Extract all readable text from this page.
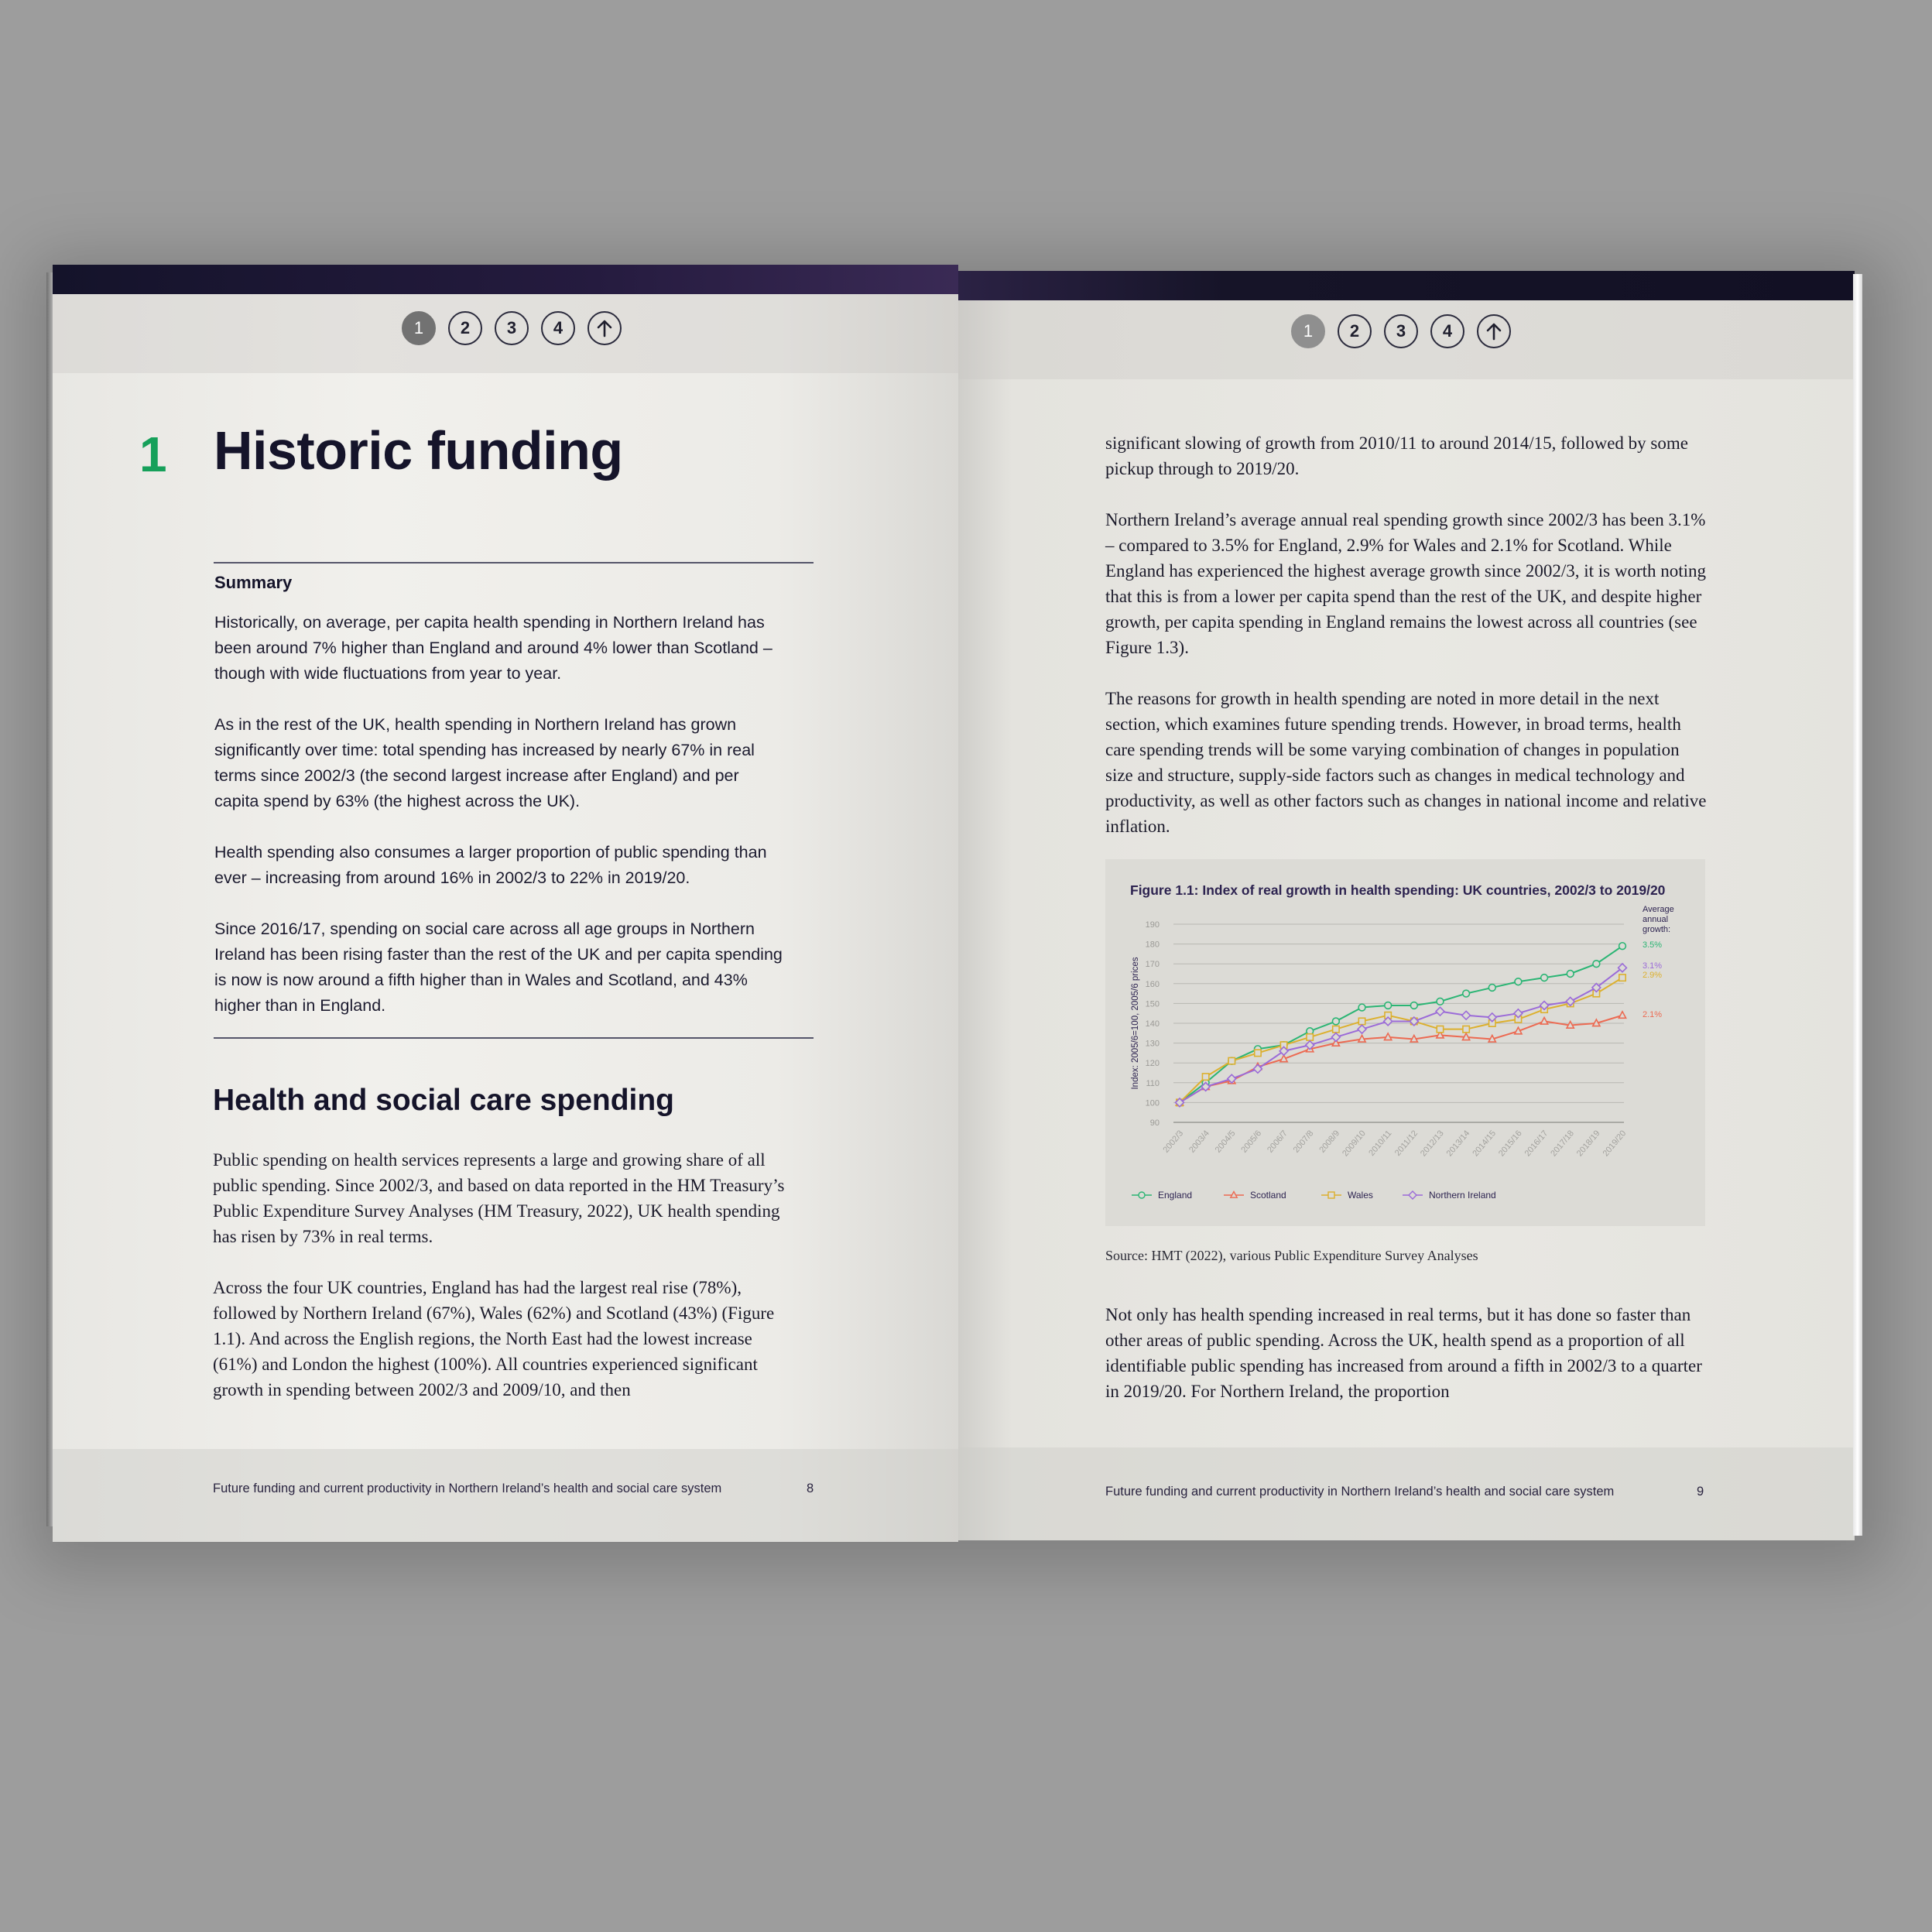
1	2	3	4
1 Historic funding
Summary

Historically, on average, per capita health spending in Northern Ireland has been around 7% higher than England and around 4% lower than Scotland – though with wide fluctuations from year to year.

As in the rest of the UK, health spending in Northern Ireland has grown significantly over time: total spending has increased by nearly 67% in real terms since 2002/3 (the second largest increase after England) and per capita spend by 63% (the highest across the UK).

Health spending also consumes a larger proportion of public spending than ever – increasing from around 16% in 2002/3 to 22% in 2019/20.

Since 2016/17, spending on social care across all age groups in Northern Ireland has been rising faster than the rest of the UK and per capita spending is now is now around a fifth higher than in Wales and Scotland, and 43% higher than in England.

Health and social care spending

Public spending on health services represents a large and growing share of all public spending. Since 2002/3, and based on data reported in the HM Treasury’s Public Expenditure Survey Analyses (HM Treasury, 2022), UK health spending has risen by 73% in real terms.

Across the four UK countries, England has had the largest real rise (78%), followed by Northern Ireland (67%), Wales (62%) and Scotland (43%) (Figure 1.1). And across the English regions, the North East had the lowest increase (61%) and London the highest (100%). All countries experienced significant growth in spending between 2002/3 and 2009/10, and then

Future funding and current productivity in Northern Ireland’s health and social care system	8
1	2	3	4

significant slowing of growth from 2010/11 to around 2014/15, followed by some pickup through to 2019/20.

Northern Ireland’s average annual real spending growth since 2002/3 has been 3.1% – compared to 3.5% for England, 2.9% for Wales and 2.1% for Scotland. While England has experienced the highest average growth since 2002/3, it is worth noting that this is from a lower per capita spend than the rest of the UK, and despite higher growth, per capita spending in England remains the lowest across all countries (see Figure 1.3).

The reasons for growth in health spending are noted in more detail in the next section, which examines future spending trends. However, in broad terms, health care spending trends will be some varying combination of changes in population size and structure, supply-side factors such as changes in medical technology and productivity, as well as other factors such as changes in national income and relative inflation.

Figure 1.1: Index of real growth in health spending: UK countries, 2002/3 to 2019/20
90
100
110
120
130
140
150
160
170
180
190
Index: 2005/6=100, 2005/6 prices
2002/3 2003/4 2004/5 2005/6 2006/7 2007/8 2008/9
2009/10 2010/11 2011/12
2012/13
2013/14
2014/15
2015/16
2016/17
2017/18
2018/19
2019/20
Average
annual
growth:
3.5%
2.1%
2.9%
3.1%
England	Scotland	Wales	Northern Ireland
Source: HMT (2022), various Public Expenditure Survey Analyses

Not only has health spending increased in real terms, but it has done so faster than other areas of public spending. Across the UK, health spend as a proportion of all identifiable public spending has increased from around a fifth in 2002/3 to a quarter in 2019/20. For Northern Ireland, the proportion

Future funding and current productivity in Northern Ireland’s health and social care system	9
